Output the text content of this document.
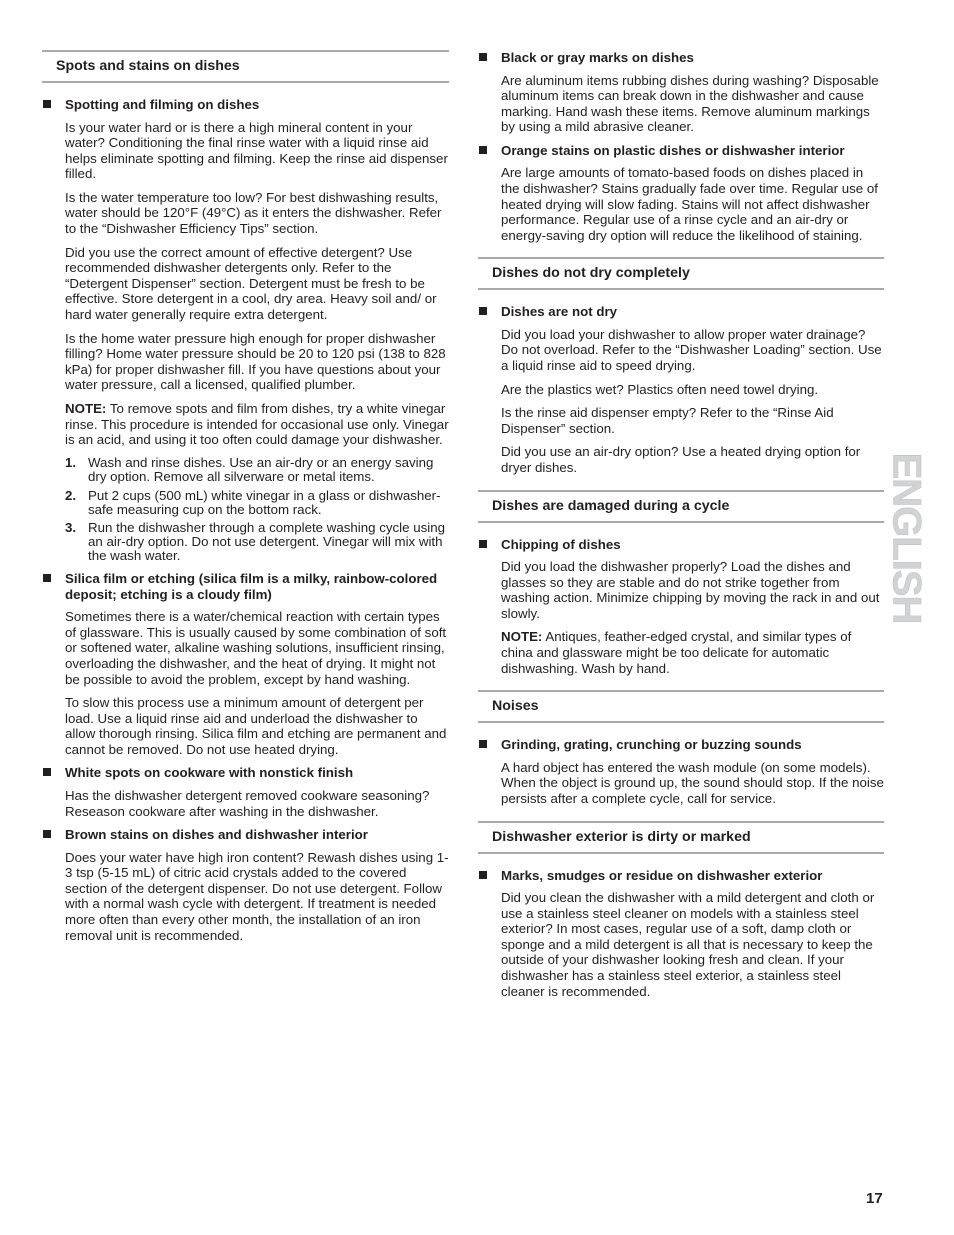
Spots and stains on dishes
Spotting and filming on dishes
Is your water hard or is there a high mineral content in your water? Conditioning the final rinse water with a liquid rinse aid helps eliminate spotting and filming. Keep the rinse aid dispenser filled.
Is the water temperature too low? For best dishwashing results, water should be 120°F (49°C) as it enters the dishwasher. Refer to the “Dishwasher Efficiency Tips” section.
Did you use the correct amount of effective detergent? Use recommended dishwasher detergents only. Refer to the “Detergent Dispenser” section. Detergent must be fresh to be effective. Store detergent in a cool, dry area. Heavy soil and/ or hard water generally require extra detergent.
Is the home water pressure high enough for proper dishwasher filling? Home water pressure should be 20 to 120 psi (138 to 828 kPa) for proper dishwasher fill. If you have questions about your water pressure, call a licensed, qualified plumber.
NOTE: To remove spots and film from dishes, try a white vinegar rinse. This procedure is intended for occasional use only. Vinegar is an acid, and using it too often could damage your dishwasher.
1. Wash and rinse dishes. Use an air-dry or an energy saving dry option. Remove all silverware or metal items.
2. Put 2 cups (500 mL) white vinegar in a glass or dishwasher-safe measuring cup on the bottom rack.
3. Run the dishwasher through a complete washing cycle using an air-dry option. Do not use detergent. Vinegar will mix with the wash water.
Silica film or etching (silica film is a milky, rainbow-colored deposit; etching is a cloudy film)
Sometimes there is a water/chemical reaction with certain types of glassware. This is usually caused by some combination of soft or softened water, alkaline washing solutions, insufficient rinsing, overloading the dishwasher, and the heat of drying. It might not be possible to avoid the problem, except by hand washing.
To slow this process use a minimum amount of detergent per load. Use a liquid rinse aid and underload the dishwasher to allow thorough rinsing. Silica film and etching are permanent and cannot be removed. Do not use heated drying.
White spots on cookware with nonstick finish
Has the dishwasher detergent removed cookware seasoning? Reseason cookware after washing in the dishwasher.
Brown stains on dishes and dishwasher interior
Does your water have high iron content? Rewash dishes using 1-3 tsp (5-15 mL) of citric acid crystals added to the covered section of the detergent dispenser. Do not use detergent. Follow with a normal wash cycle with detergent. If treatment is needed more often than every other month, the installation of an iron removal unit is recommended.
Black or gray marks on dishes
Are aluminum items rubbing dishes during washing? Disposable aluminum items can break down in the dishwasher and cause marking. Hand wash these items. Remove aluminum markings by using a mild abrasive cleaner.
Orange stains on plastic dishes or dishwasher interior
Are large amounts of tomato-based foods on dishes placed in the dishwasher? Stains gradually fade over time. Regular use of heated drying will slow fading. Stains will not affect dishwasher performance. Regular use of a rinse cycle and an air-dry or energy-saving dry option will reduce the likelihood of staining.
Dishes do not dry completely
Dishes are not dry
Did you load your dishwasher to allow proper water drainage? Do not overload. Refer to the “Dishwasher Loading” section. Use a liquid rinse aid to speed drying.
Are the plastics wet? Plastics often need towel drying.
Is the rinse aid dispenser empty? Refer to the “Rinse Aid Dispenser” section.
Did you use an air-dry option? Use a heated drying option for dryer dishes.
Dishes are damaged during a cycle
Chipping of dishes
Did you load the dishwasher properly? Load the dishes and glasses so they are stable and do not strike together from washing action. Minimize chipping by moving the rack in and out slowly.
NOTE: Antiques, feather-edged crystal, and similar types of china and glassware might be too delicate for automatic dishwashing. Wash by hand.
Noises
Grinding, grating, crunching or buzzing sounds
A hard object has entered the wash module (on some models). When the object is ground up, the sound should stop. If the noise persists after a complete cycle, call for service.
Dishwasher exterior is dirty or marked
Marks, smudges or residue on dishwasher exterior
Did you clean the dishwasher with a mild detergent and cloth or use a stainless steel cleaner on models with a stainless steel exterior? In most cases, regular use of a soft, damp cloth or sponge and a mild detergent is all that is necessary to keep the outside of your dishwasher looking fresh and clean. If your dishwasher has a stainless steel exterior, a stainless steel cleaner is recommended.
ENGLISH
17
